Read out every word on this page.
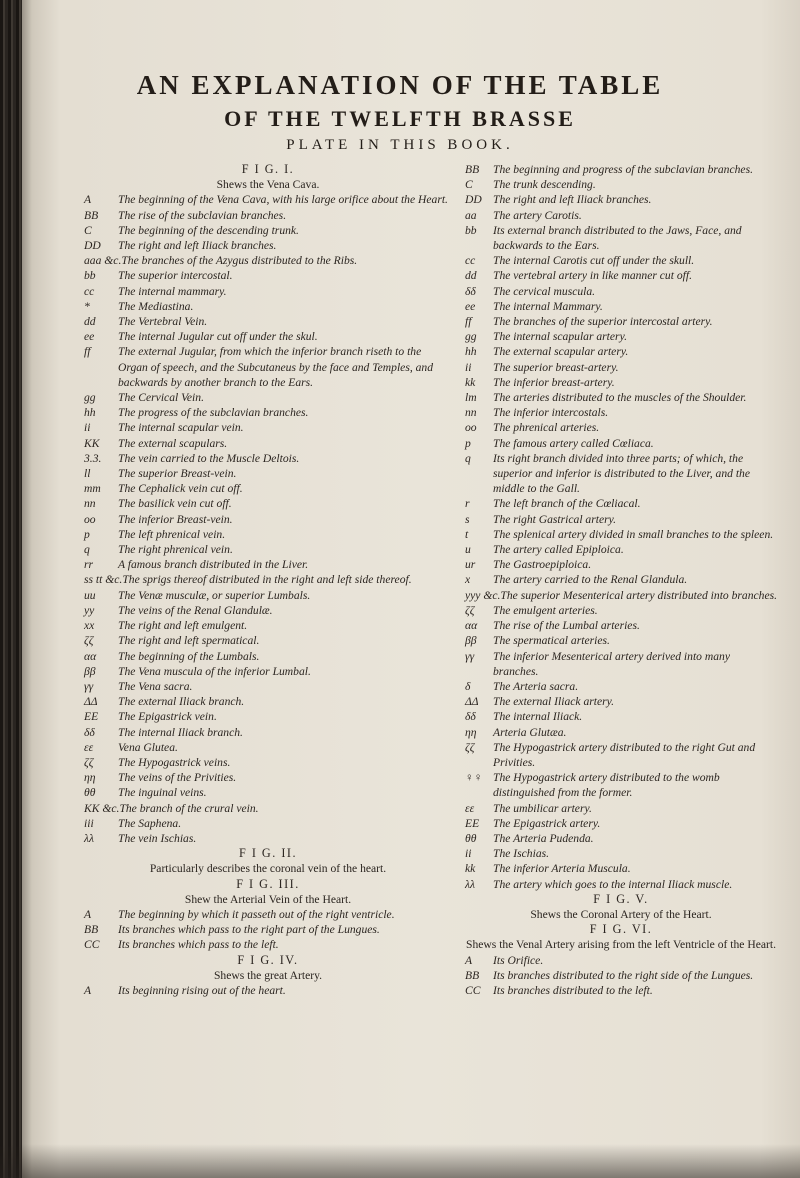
AN EXPLANATION OF THE TABLE
OF THE TWELFTH BRASSE
PLATE IN THIS BOOK.
F I G. I.
Shews the Vena Cava.
A	The beginning of the Vena Cava, with his large orifice about the Heart.
BB	The rise of the subclavian branches.
C	The beginning of the descending trunk.
DD	The right and left Iliack branches.
aaa &c. The branches of the Azygus distributed to the Ribs.
bb	The superior intercostal.
cc	The internal mammary.
*	The Mediastina.
dd	The Vertebral Vein.
ee	The internal Jugular cut off under the skul.
ff	The external Jugular, from which the inferior branch riseth to the Organ of speech, and the Subcutaneus by the face and Temples, and backwards by another branch to the Ears.
gg	The Cervical Vein.
hh	The progress of the subclavian branches.
ii	The internal scapular vein.
KK	The external scapulars.
3.3.	The vein carried to the Muscle Deltois.
ll	The superior Breast-vein.
mm	The Cephalick vein cut off.
nn	The basilick vein cut off.
oo	The inferior Breast-vein.
p	The left phrenical vein.
q	The right phrenical vein.
rr	A famous branch distributed in the Liver.
ss tt &c. The sprigs thereof distributed in the right and left side thereof.
uu	The Venæ musculæ, or superior Lumbals.
yy	The veins of the Renal Glandulæ.
xx	The right and left emulgent.
ζζ	The right and left spermatical.
αα	The beginning of the Lumbals.
ββ	The Vena muscula of the inferior Lumbal.
γγ	The Vena sacra.
ΔΔ	The external Iliack branch.
EE	The Epigastrick vein.
δδ	The internal Iliack branch.
εε	Vena Glutea.
ζζ	The Hypogastrick veins.
ηη	The veins of the Privities.
θθ	The inguinal veins.
KK &c. The branch of the crural vein.
iii	The Saphena.
λλ	The vein Ischias.
F I G. II.
Particularly describes the coronal vein of the heart.
F I G. III.
Shew the Arterial Vein of the Heart.
A	The beginning by which it passeth out of the right ventricle.
BB	Its branches which pass to the right part of the Lungues.
CC	Its branches which pass to the left.
F I G. IV.
Shews the great Artery.
A	Its beginning rising out of the heart.
BB	The beginning and progress of the subclavian branches.
C	The trunk descending.
DD The right and left Iliack branches.
aa	The artery Carotis.
bb	Its external branch distributed to the Jaws, Face, and backwards to the Ears.
cc	The internal Carotis cut off under the skull.
dd	The vertebral artery in like manner cut off.
δδ	The cervical muscula.
ee	The internal Mammary.
ff	The branches of the superior intercostal artery.
gg	The internal scapular artery.
hh	The external scapular artery.
ii	The superior breast-artery.
kk	The inferior breast-artery.
lm	The arteries distributed to the muscles of the Shoulder.
nn	The inferior intercostals.
oo	The phrenical arteries.
p	The famous artery called Cœliaca.
q	Its right branch divided into three parts; of which, the superior and inferior is distributed to the Liver, and the middle to the Gall.
r	The left branch of the Cœliacal.
s	The right Gastrical artery.
t	The splenical artery divided in small branches to the spleen.
u	The artery called Epiploica.
ur	The Gastroepiploica.
x	The artery carried to the Renal Glandula.
yyy &c. The superior Mesenterical artery distributed into branches.
ζζ	The emulgent arteries.
αα	The rise of the Lumbal arteries.
ββ	The spermatical arteries.
γγ	The inferior Mesenterical artery derived into many branches.
δ	The Arteria sacra.
ΔΔ	The external Iliack artery.
δδ	The internal Iliack.
ηη	Arteria Glutæa.
ζζ	The Hypogastrick artery distributed to the right Gut and Privities.
♀♀ The Hypogastrick artery distributed to the womb distinguished from the former.
εε	The umbilicar artery.
EE	The Epigastrick artery.
θθ	The Arteria Pudenda.
ii	The Ischias.
kk	The inferior Arteria Muscula.
λλ	The artery which goes to the internal Iliack muscle.
F I G. V.
Shews the Coronal Artery of the Heart.
F I G. VI.
Shews the Venal Artery arising from the left Ventricle of the Heart.
A	Its Orifice.
BB	Its branches distributed to the right side of the Lungues.
CC	Its branches distributed to the left.
